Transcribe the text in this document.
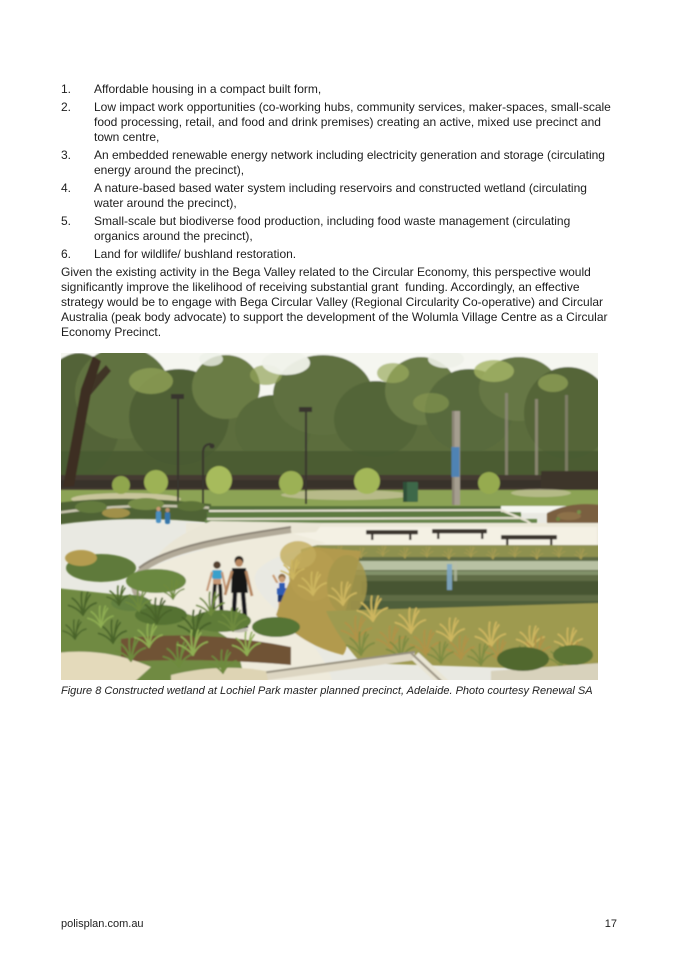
1.	Affordable housing in a compact built form,
2.	Low impact work opportunities (co-working hubs, community services, maker-spaces, small-scale food processing, retail, and food and drink premises) creating an active, mixed use precinct and town centre,
3.	An embedded renewable energy network including electricity generation and storage (circulating energy around the precinct),
4.	A nature-based based water system including reservoirs and constructed wetland (circulating water around the precinct),
5.	Small-scale but biodiverse food production, including food waste management (circulating organics around the precinct),
6.	Land for wildlife/ bushland restoration.

Given the existing activity in the Bega Valley related to the Circular Economy, this perspective would significantly improve the likelihood of receiving substantial grant  funding. Accordingly, an effective strategy would be to engage with Bega Circular Valley (Regional Circularity Co-operative) and Circular Australia (peak body advocate) to support the development of the Wolumla Village Centre as a Circular Economy Precinct.

Figure 8 Constructed wetland at Lochiel Park master planned precinct, Adelaide. Photo courtesy Renewal SA
polisplan.com.au	17
